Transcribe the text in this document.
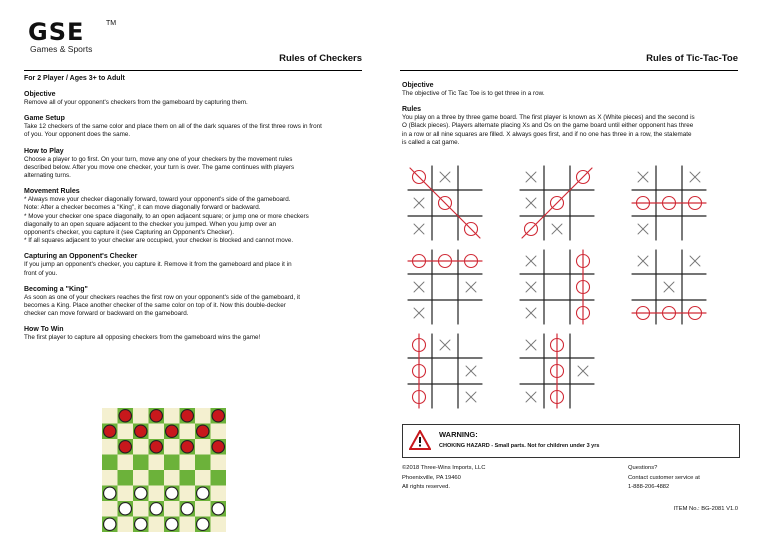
GSE	TM
Games & Sports
Rules of Checkers
For 2 Player / Ages 3+ to Adult
Objective

Remove all of your opponent's checkers from the gameboard by capturing them.

Game Setup

Take 12 checkers of the same color and place them on all of the dark squares of the first three rows in front

of you. Your opponent does the same.

How to Play

Choose a player to go first. On your turn, move any one of your checkers by the movement rules

described below. After you move one checker, your turn is over. The game continues with players

alternating turns.

Movement Rules

* Always move your checker diagonally forward, toward your opponent's side of the gameboard.

Note: After a checker becomes a "King", it can move diagonally forward or backward.

* Move your checker one space diagonally, to an open adjacent square; or jump one or more checkers

diagonally to an open square adjacent to the checker you jumped. When you jump over an

opponent's checker, you capture it (see Capturing an Opponent's Checker).

* If all squares adjacent to your checker are occupied, your checker is blocked and cannot move.

Capturing an Opponent's Checker

If you jump an opponent's checker, you capture it. Remove it from the gameboard and place it in

front of you.

Becoming a "King"

As soon as one of your checkers reaches the first row on your opponent's side of the gameboard, it

becomes a King. Place another checker of the same color on top of it. Now this double-decker

checker can move forward or backward on the gameboard.

How To Win

The first player to capture all opposing checkers from the gameboard wins the game!

Rules of Tic-Tac-Toe
Objective

The objective of Tic Tac Toe is to get three in a row.

Rules

You play on a three by three game board. The first player is known as X (White pieces) and the second is

O (Black pieces). Players alternate placing Xs and Os on the game board until either opponent has three

in a row or all nine squares are filled. X always goes first, and if no one has three in a row, the stalemate

is called a cat game.

WARNING:
CHOKING HAZARD - Small parts. Not for children under 3 yrs
©2018 Three-Wins Imports, LLC
Phoenixville, PA 19460
All rights reserved.
Questions?
Contact customer service at
1-888-206-4882
ITEM No.: BG-2081 V1.0
